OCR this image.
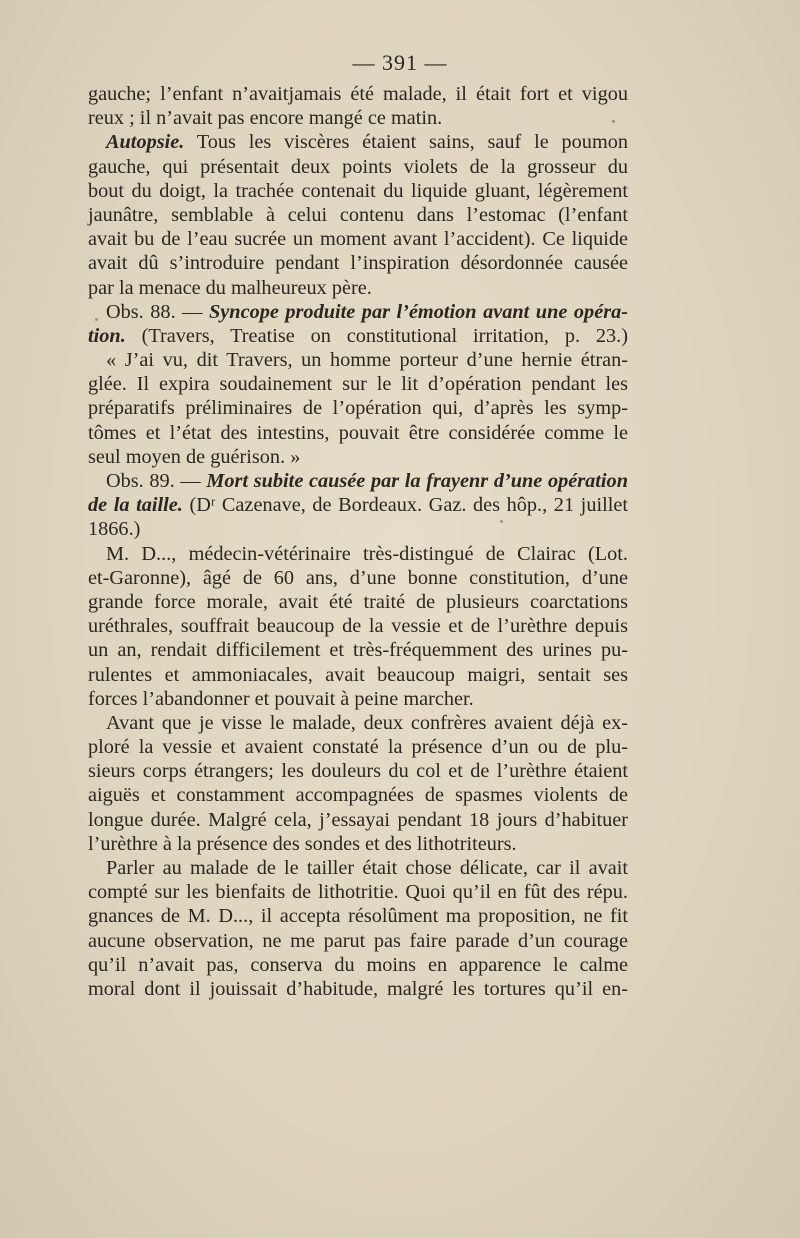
— 391 —
gauche; l’enfant n’avaitjamais été malade, il était fort et vigou
reux ; il n’avait pas encore mangé ce matin.
Autopsie. Tous les viscères étaient sains, sauf le poumon
gauche, qui présentait deux points violets de la grosseur du
bout du doigt, la trachée contenait du liquide gluant, légèrement
jaunâtre, semblable à celui contenu dans l’estomac (l’enfant
avait bu de l’eau sucrée un moment avant l’accident). Ce liquide
avait dû s’introduire pendant l’inspiration désordonnée causée
par la menace du malheureux père.
Obs. 88. — Syncope produite par l’émotion avant une opéra-
tion. (Travers, Treatise on constitutional irritation, p. 23.)
« J’ai vu, dit Travers, un homme porteur d’une hernie étran-
glée. Il expira soudainement sur le lit d’opération pendant les
préparatifs préliminaires de l’opération qui, d’après les symp-
tômes et l’état des intestins, pouvait être considérée comme le
seul moyen de guérison. »
Obs. 89. — Mort subite causée par la frayenr d’une opération
de la taille. (Dʳ Cazenave, de Bordeaux. Gaz. des hôp., 21 juillet
1866.)
M. D..., médecin-vétérinaire très-distingué de Clairac (Lot.
et-Garonne), âgé de 60 ans, d’une bonne constitution, d’une
grande force morale, avait été traité de plusieurs coarctations
uréthrales, souffrait beaucoup de la vessie et de l’urèthre depuis
un an, rendait difficilement et très-fréquemment des urines pu-
rulentes et ammoniacales, avait beaucoup maigri, sentait ses
forces l’abandonner et pouvait à peine marcher.
Avant que je visse le malade, deux confrères avaient déjà ex-
ploré la vessie et avaient constaté la présence d’un ou de plu-
sieurs corps étrangers; les douleurs du col et de l’urèthre étaient
aiguës et constamment accompagnées de spasmes violents de
longue durée. Malgré cela, j’essayai pendant 18 jours d’habituer
l’urèthre à la présence des sondes et des lithotriteurs.
Parler au malade de le tailler était chose délicate, car il avait
compté sur les bienfaits de lithotritie. Quoi qu’il en fût des répu.
gnances de M. D..., il accepta résolûment ma proposition, ne fit
aucune observation, ne me parut pas faire parade d’un courage
qu’il n’avait pas, conserva du moins en apparence le calme
moral dont il jouissait d’habitude, malgré les tortures qu’il en-
